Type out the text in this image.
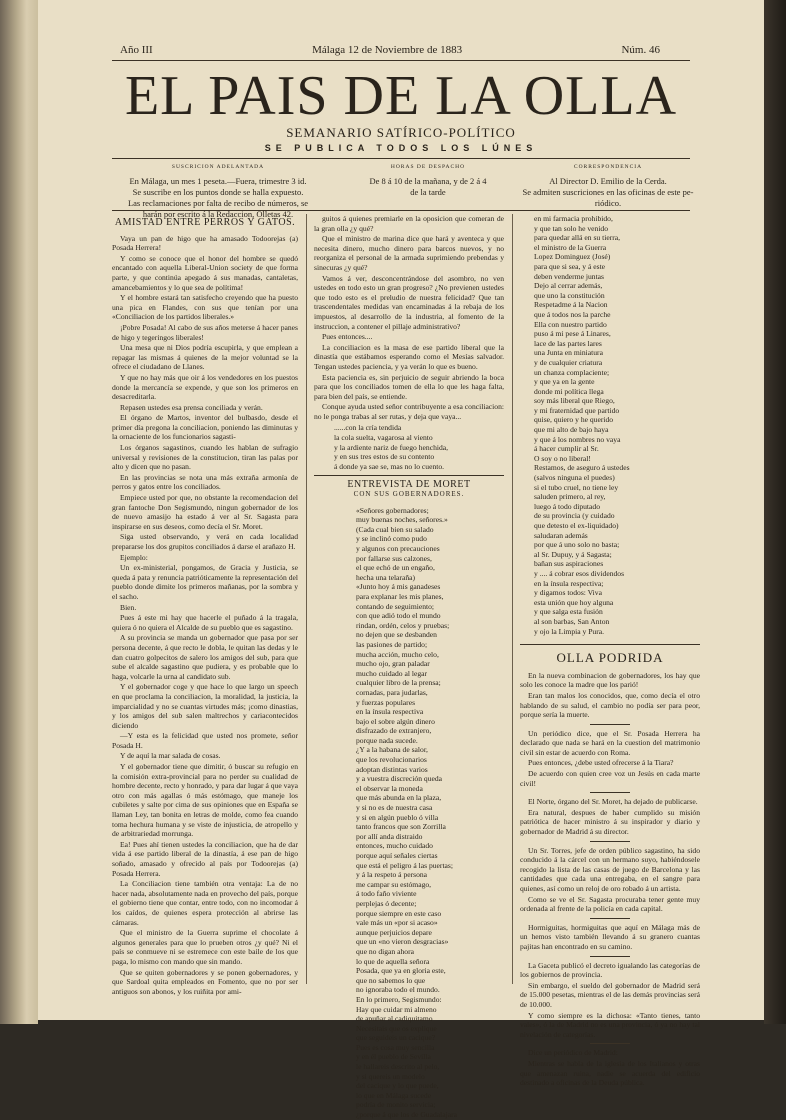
Año III	Málaga 12 de Noviembre de 1883	Núm. 46
EL PAIS DE LA OLLA
SEMANARIO SATÍRICO-POLÍTICO
SE PUBLICA TODOS LOS LÚNES
SUSCRICION ADELANTADA
En Málaga, un mes 1 peseta.—Fuera, trimestre 3 id.
Se suscribe en los puntos donde se halla expuesto.
Las reclamaciones por falta de recibo de números, se
harán por escrito á la Redaccion, Olletas 42.
HORAS DE DESPACHO
De 8 á 10 de la mañana, y de 2 á 4
de la tarde
CORRESPONDENCIA
Al Director D. Emilio de la Cerda.
Se admiten suscriciones en las oficinas de este pe-
riódico.
AMISTAD ENTRE PERROS Y GATOS.

Vaya un pan de higo que ha amasado Todoorejas (a) Posada Herrera!

Y como se conoce que el honor del hombre se quedó encantado con aquella Liberal-Union society de que forma parte, y que continúa apegado á sus manadas, cantaletas, amancebamientos y lo que sea de polítima!

Y el hombre estará tan satisfecho creyendo que ha puesto una pica en Flandes, con sus que tenían por una «Conciliacion de los partidos liberales.»

¡Pobre Posada! Al cabo de sus años meterse á hacer panes de higo y tegeringos liberales!

Una mesa que ni Dios podría escupirla, y que emplean a repagar las mismas á quienes de la mejor voluntad se la ofrece el ciudadano de Llanes.

Y que no hay más que oir á los vendedores en los puestos donde la mercancía se expende, y que son los primeros en desacreditarla.

Repasen ustedes esa prensa conciliada y verán.

El órgano de Martos, inventor del bulbasdo, desde el primer día pregona la conciliacion, poniendo las diminutas y la ornaciente de los funcionarios sagasti-

Los órganos sagastinos, cuando les hablan de sufragio universal y revisiones de la constitucion, tiran las palas por alto y dicen que no pasan.

En las provincias se nota una más extraña armonía de perros y gatos entre los conciliados.

Empiece usted por que, no obstante la recomendacion del gran fantoche Don Segismundo, ningun gobernador de los de nuevo amasijo ha estado á ver al Sr. Sagasta para inspirarse en sus deseos, como decía el Sr. Moret.

Siga usted observando, y verá en cada localidad prepararse los dos grupitos conciliados á darse el arañazo H.

Ejemplo:

Un ex-ministerial, pongamos, de Gracia y Justicia, se queda á pata y renuncia patrióticamente la representación del pueblo donde dimite los primeros mañanas, por la sombra y el sacho.

Bien.

Pues á este mi hay que hacerle el puñado á la tragala, quiera ó no quiera el Alcalde de su pueblo que es sagastino.

A su provincia se manda un gobernador que pasa por ser persona decente, á que recto le dobla, le quitan las dedas y le dan cuatro golpecitos de salero los amigos del sub, para que sube el alcalde sagastino que pudiera, y es probable que lo haga, volcarle la urna al candidato sub.

Y el gobernador coge y que hace lo que largo un speech en que proclama la conciliacion, la moralidad, la justicia, la imparcialidad y no se cuantas virtudes más; ¡como dinastias, y los amigos del sub salen maltrechos y cariacontecidos diciendo

—Y esta es la felicidad que usted nos promete, señor Posada H.

Y de aquí la mar salada de cosas.

Y el gobernador tiene que dimitir, ó buscar su refugio en la comisión extra-provincial para no perder su cualidad de hombre decente, recto y honrado, y para dar lugar á que vaya otro con más agallas ó más estómago, que maneje los cubiletes y salte por cima de sus opiniones que en España se llaman Ley, tan bonita en letras de molde, como fea cuando toma hechura humana y se viste de injusticia, de atropello y de arbitrariedad morrunga.

Ea! Pues ahí tienen ustedes la conciliacion, que ha de dar vida á ese partido liberal de la dinastía, á ese pan de higo soñado, amasado y ofrecido al país por Todoorejas (a) Posada Herrera.

La Conciliacion tiene también otra ventaja: La de no hacer nada, absolutamente nada en provecho del país, porque el gobierno tiene que contar, entre todo, con no incomodar á los caídos, de quienes espera protección al abrirse las cámaras.

Que el ministro de la Guerra suprime el chocolate á algunos generales para que lo prueben otros ¿y qué? Ni el país se conmueve ni se estremece con este baile de los que paga, lo mismo con mando que sin mando.

Que se quiten gobernadores y se ponen gobernadores, y que Sardoal quita empleados en Fomento, que no por ser antiguos son abonos, y los ruiñita por ami-

guitos á quienes premiarle en la oposicion que comeran de la gran olla ¿y qué?

Que el ministro de marina dice que hará y aventeca y que necesita dinero, mucho dinero para barcos nuevos, y no reorganiza el personal de la armada suprimiendo prebendas y sinecuras ¿y qué?

Vamos á ver, desconcentrándose del asombro, no ven ustedes en todo esto un gran progreso? ¿No previenen ustedes que todo esto es el preludio de nuestra felicidad? Que tan trascendentales medidas van encaminadas á la rebaja de los impuestos, al desarrollo de la industria, al fomento de la instruccion, a contener el pillaje administrativo?

Pues entonces....

La conciliacion es la masa de ese partido liberal que la dinastía que estábamos esperando como el Mesías salvador. Tengan ustedes paciencia, y ya verán lo que es bueno.

Esta paciencia es, sin perjuicio de seguir abriendo la boca para que los conciliados tomen de ella lo que les haga falta, para bien del país, se entiende.

Conque ayuda usted señor contribuyente a esa conciliacion: no le ponga trabas al ser rutas, y deja que vaya...

......con la cría tendida
la cola suelta, vagarosa al viento
y la ardiente nariz de fuego henchida,
y en sus tres estos de su contento
á donde ya sae se, mas no lo cuento.
ENTREVISTA DE MORET
CON SUS GOBERNADORES.
«Señores gobernadores;
muy buenas noches, señores.»
(Cada cual bien su salado
y se inclinó como pudo
y algunos con precauciones
por fallarse sus calzones,
el que echó de un engaño,
hecha una telaraña)
«Junto hoy á mis ganadeses
para explanar les mis planes,
contando de seguimiento;
con que adió todo el mundo
rindan, ordén, celos y pruebas;
no dejen que se desbanden
las pasiones de partido;
mucha acción, mucho celo,
mucho ojo, gran paladar
mucho cuidado al legar
cualquier libro de la prensa;
cornadas, para judarlas,
y fuerzas populares
en la ínsula respectiva
bajo el sobre algún dinero
disfrazado de extranjero,
porque nada sucede.
¿Y a la habana de salor,
que los revolucionarios
adoptan distintas varios
y a vuestra discreción queda
el observar la moneda
que más abunda en la plaza,
y si no es de nuestra casa
y si en algún pueblo ó villa
tanto francos que son Zorrilla
por allí anda distraido
entonces, mucho cuidado
porque aquí señales ciertas
que está el peligro á las puertas;
y á la respeto á persona
me campar su estómago,
á todo faño viviente
perplejas ó decente;
porque siempre en este caso
vale más un «por si acaso»
aunque perjuicios depare
que un «no vieron desgracias»
que no digan ahora
lo que de aquella señora
Posada, que ya en gloria este,
que no sabemos lo que
no ignoraba todo el mundo.
En lo primero, Segismundo:
Hay que cuidar mi almeno
de apuñar al cadiquitamo
Necesitais que os explique
que seguideis un cacique?
Pues es cosa muy sencilla
y en él pueblo de Sevilla
le hallareis descrito al pelo,
y si quereis un modelo
del cacique y lo que puede,
lo que en Málaga sucede
podría de monito servicia;
¿porque á que los de Guadalajara
en mi farmacia prohibido,
y que tan solo he venido
para quedar allá en su tierra,
el ministro de la Guerra
Lopez Dominguez (José)
para que si sea, y á este
deben venderme juntas
Dejo al cerrar además,
que uno la constitución
Respetadme á la Nacion
que á todos nos la parche
Ella con nuestro partido
puso á mi pese á Linares,
lace de las partes lares
una Junta en miniatura
y de cualquier criatura
un chanza complaciente;
y que ya en la gente
donde mi política llega
soy más liberal que Riego,
y mi fraternidad que partido
quise, quiero y he querido
que mi alto de bajo haya
y que á los nombres no vaya
á hacer cumplir al Sr.
O soy o no liberal!
Restamos, de aseguro á ustedes
(salvos ninguna el puedes)
si el tubo cruel, no tiene ley
saluden primero, al rey,
luego á todo diputado
de su provincia (y cuidado
que detesto el ex-liquidado)
saludaran además
por que á uno solo no basta;
al Sr. Dupuy, y á Sagasta;
bañan sus aspiraciones
y .... á cobrar esos dividendos
en la ínsula respectiva;
y digamos todos: Viva
esta unión que hoy alguna
y que salga esta fusión
al son barbas, San Anton
y ojo la Limpia y Pura.
OLLA PODRIDA

En la nueva combinacion de gobernadores, los hay que solo les conoce la madre que los parió!

Eran tan malos los conocidos, que, como decía el otro hablando de su salud, el cambio no podía ser para peor, porque sería la muerte.

Un periódico dice, que el Sr. Posada Herrera ha declarado que nada se hará en la cuestion del matrimonio civil sin estar de acuerdo con Roma.

Pues entonces, ¿debe usted ofrecerse á la Tiara?

De acuerdo con quien cree voz un Jesús en cada marte civil!

El Norte, órgano del Sr. Moret, ha dejado de publicarse.

Era natural, despues de haber cumplido su misión patriótica de hacer ministro á su inspirador y diario y gobernador de Madrid á su director.

Un Sr. Torres, jefe de orden público sagastino, ha sido conducido á la cárcel con un hermano suyo, habiéndosele recogido la lista de las casas de juego de Barcelona y las cantidades que cada una entregaba, en el sangre para quienes, así como un reloj de oro robado á un artista.

Como se ve el Sr. Sagasta procuraba tener gente muy ordenada al frente de la policía en cada capital.

Hormiguitas, hormiguitas que aquí en Málaga más de un hemos visto también llevando á su granero cuantas pajitas han encontrado en su camino.

La Gaceta publicó el decreto igualando las categorías de los gobiernos de provincia.

Sin embargo, el sueldo del gobernador de Madrid será de 15.000 pesetas, mientras el de las demás provincias será de 10.000.

Y como siempre es la dichosa: «Tanto tienes, tanto vales», ó la de Madrid no es una provincia, ó ya no hay tal nivelación de categorías.

Dice un periódico de Madrid:

Mientras se habla de la iglesia de los Italianos y otras que amenazan ruina, nadie se acuerda del edificio destinado a oficinas de la Deuda pública.
